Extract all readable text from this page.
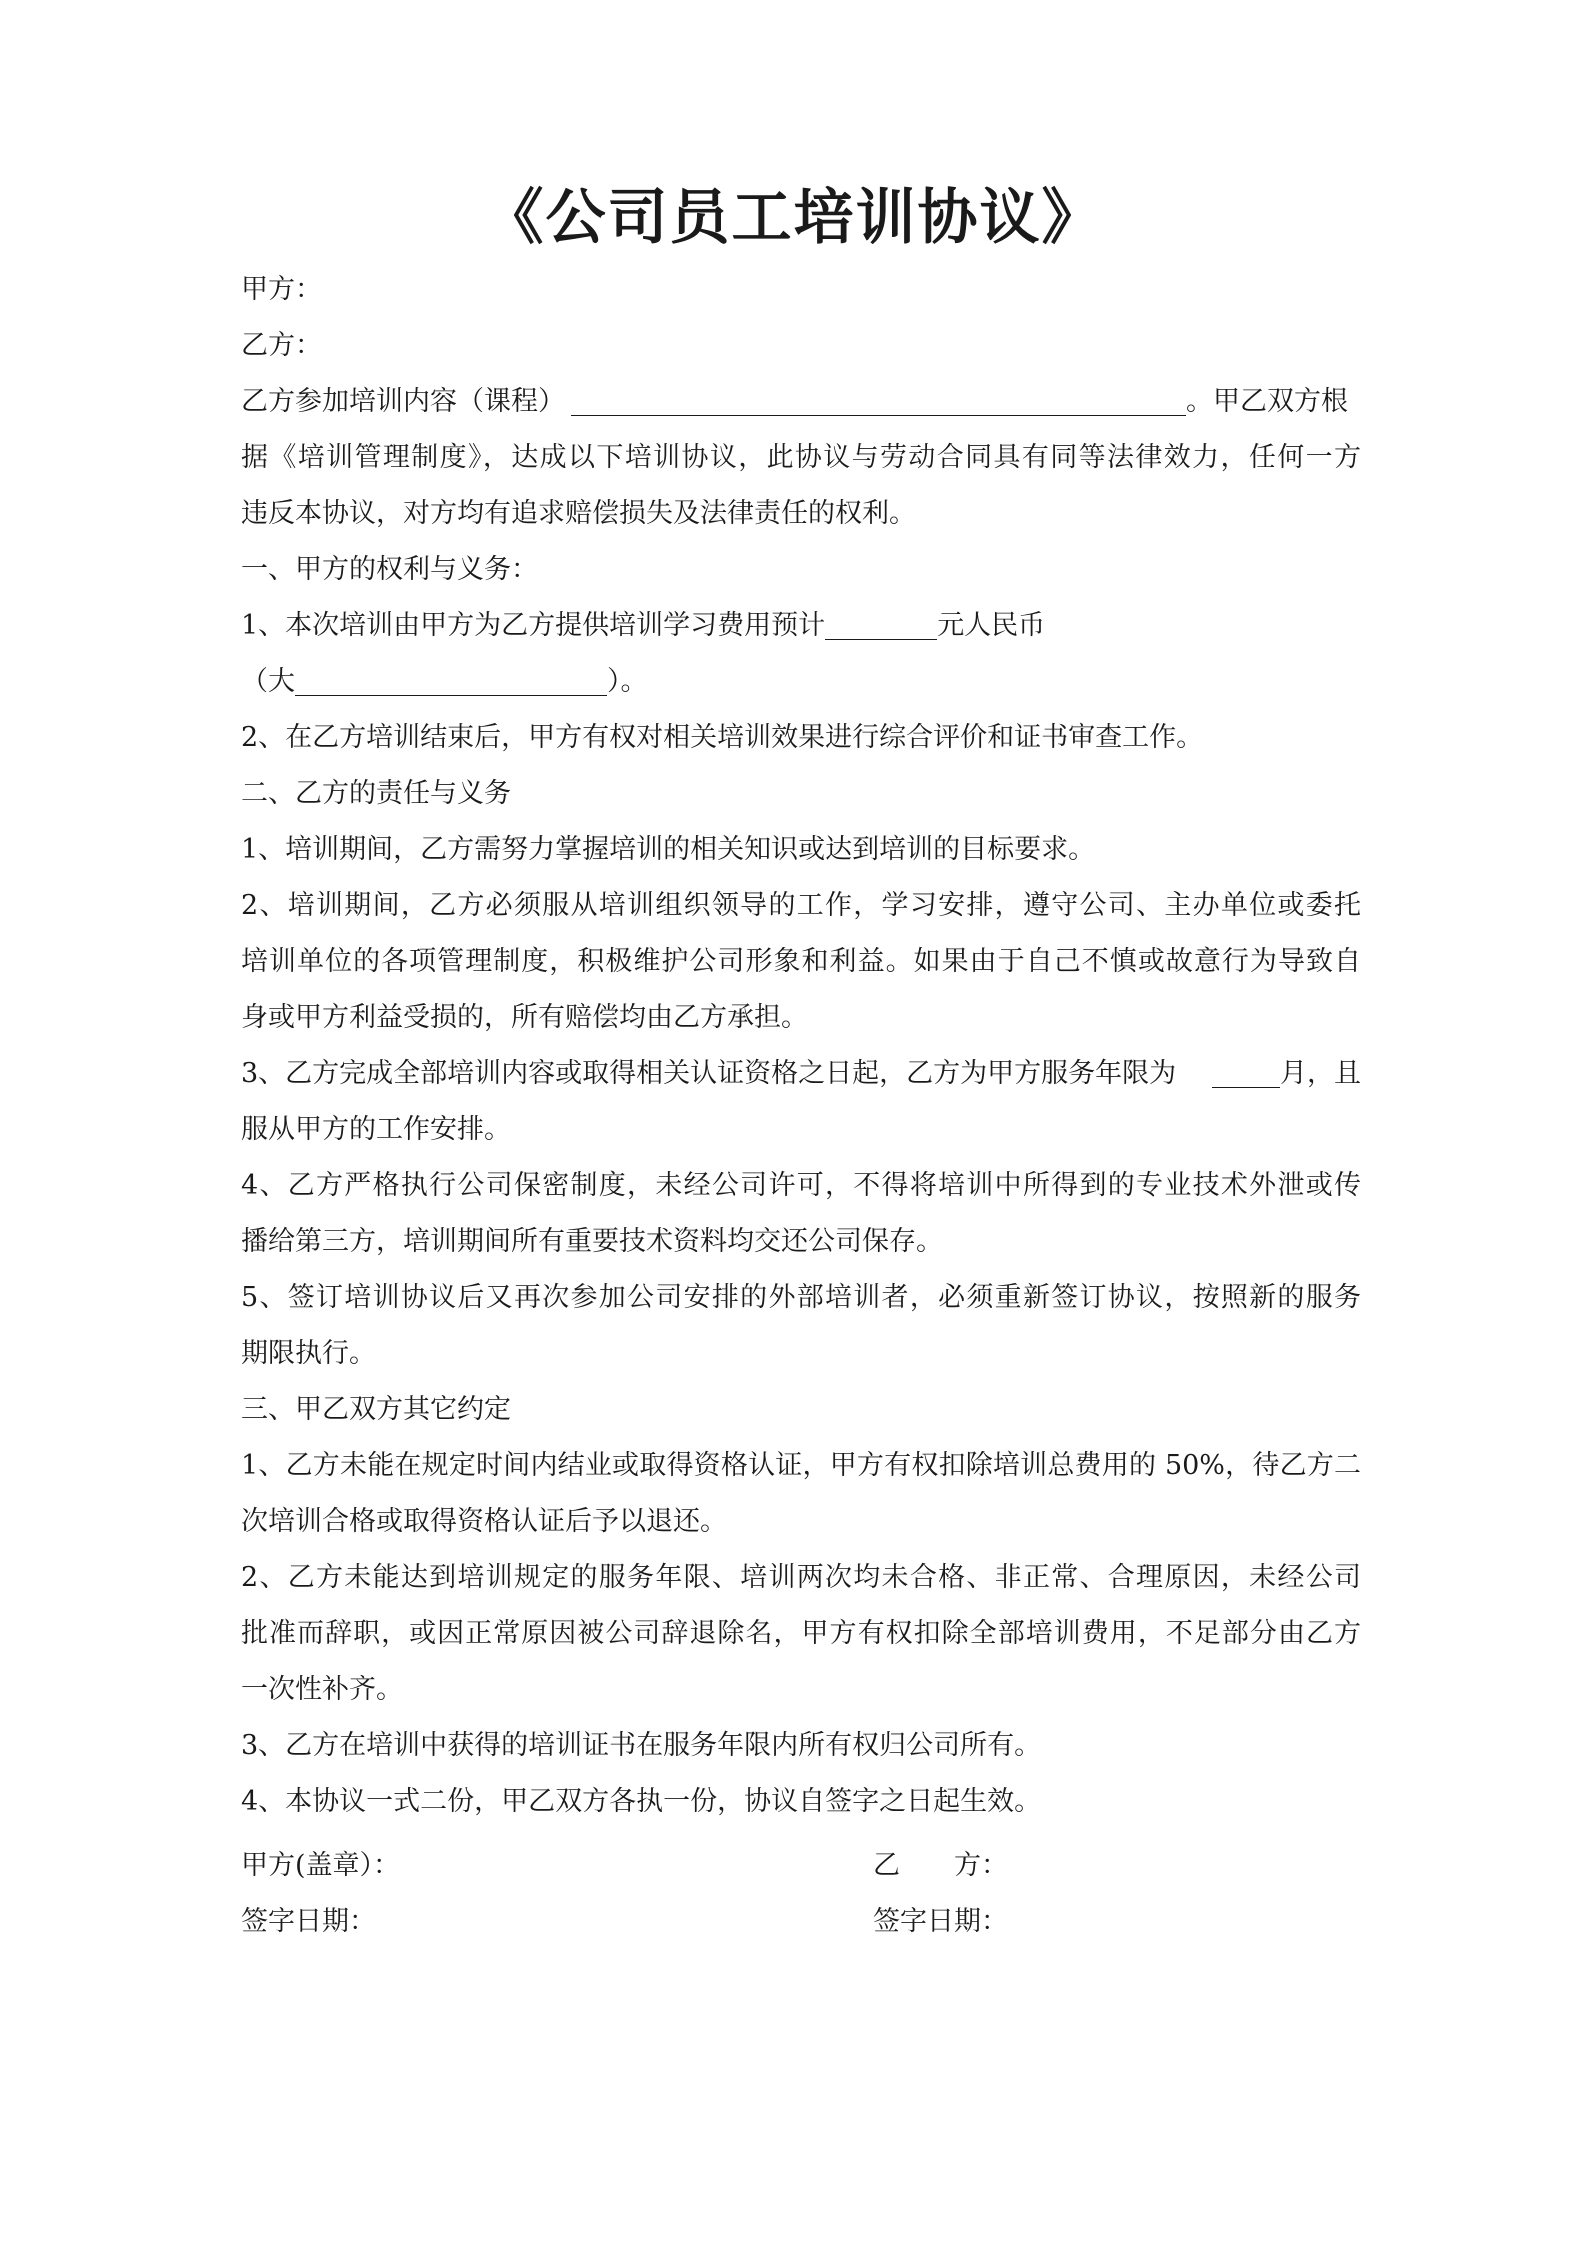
《公司员工培训协议》
甲方：
乙方：
乙方参加培训内容（课程）	。甲乙双方根
据《培训管理制度》，达成以下培训协议，此协议与劳动合同具有同等法律效力，任何一方
违反本协议，对方均有追求赔偿损失及法律责任的权利。
一、甲方的权利与义务：
1、本次培训由甲方为乙方提供培训学习费用预计	元人民币
（大	）。
2、在乙方培训结束后，甲方有权对相关培训效果进行综合评价和证书审查工作。
二、乙方的责任与义务
1、培训期间，乙方需努力掌握培训的相关知识或达到培训的目标要求。
2、培训期间，乙方必须服从培训组织领导的工作，学习安排，遵守公司、主办单位或委托
培训单位的各项管理制度，积极维护公司形象和利益。如果由于自己不慎或故意行为导致自
身或甲方利益受损的，所有赔偿均由乙方承担。
3、乙方完成全部培训内容或取得相关认证资格之日起，乙方为甲方服务年限为	月，且
服从甲方的工作安排。
4、乙方严格执行公司保密制度，未经公司许可，不得将培训中所得到的专业技术外泄或传
播给第三方，培训期间所有重要技术资料均交还公司保存。
5、签订培训协议后又再次参加公司安排的外部培训者，必须重新签订协议，按照新的服务
期限执行。
三、甲乙双方其它约定
1、乙方未能在规定时间内结业或取得资格认证，甲方有权扣除培训总费用的 50%，待乙方二
次培训合格或取得资格认证后予以退还。
2、乙方未能达到培训规定的服务年限、培训两次均未合格、非正常、合理原因，未经公司
批准而辞职，或因正常原因被公司辞退除名，甲方有权扣除全部培训费用，不足部分由乙方
一次性补齐。
3、乙方在培训中获得的培训证书在服务年限内所有权归公司所有。
4、本协议一式二份，甲乙双方各执一份，协议自签字之日起生效。
甲方(盖章）：	乙　　方：
签字日期：	签字日期：
